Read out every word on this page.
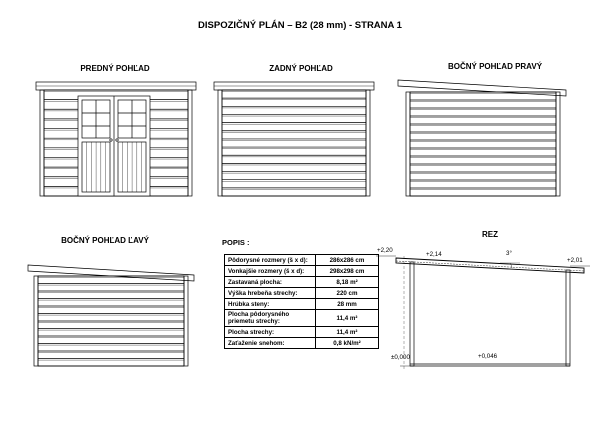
DISPOZIČNÝ PLÁN – B2 (28 mm) - STRANA 1
PREDNÝ POHĽAD	ZADNÝ POHĽAD	BOČNÝ POHĽAD PRAVÝ
BOČNÝ POHĽAD ĽAVÝ
REZ
POPIS :
Pôdorysné rozmery (š x d):	286x286 cm
Vonkajšie rozmery (š x d):	298x298 cm
Zastavaná plocha:	8,18 m²
Výška hrebeňa strechy:	220 cm
Hrúbka steny:	28 mm
Plocha pôdorysného priemetu strechy:	11,4 m²
Plocha strechy:	11,4 m²
Zaťaženie snehom:	0,8 kN/m²
+2,20
+2,14	3°
+2,01
±0,000	+0,046
